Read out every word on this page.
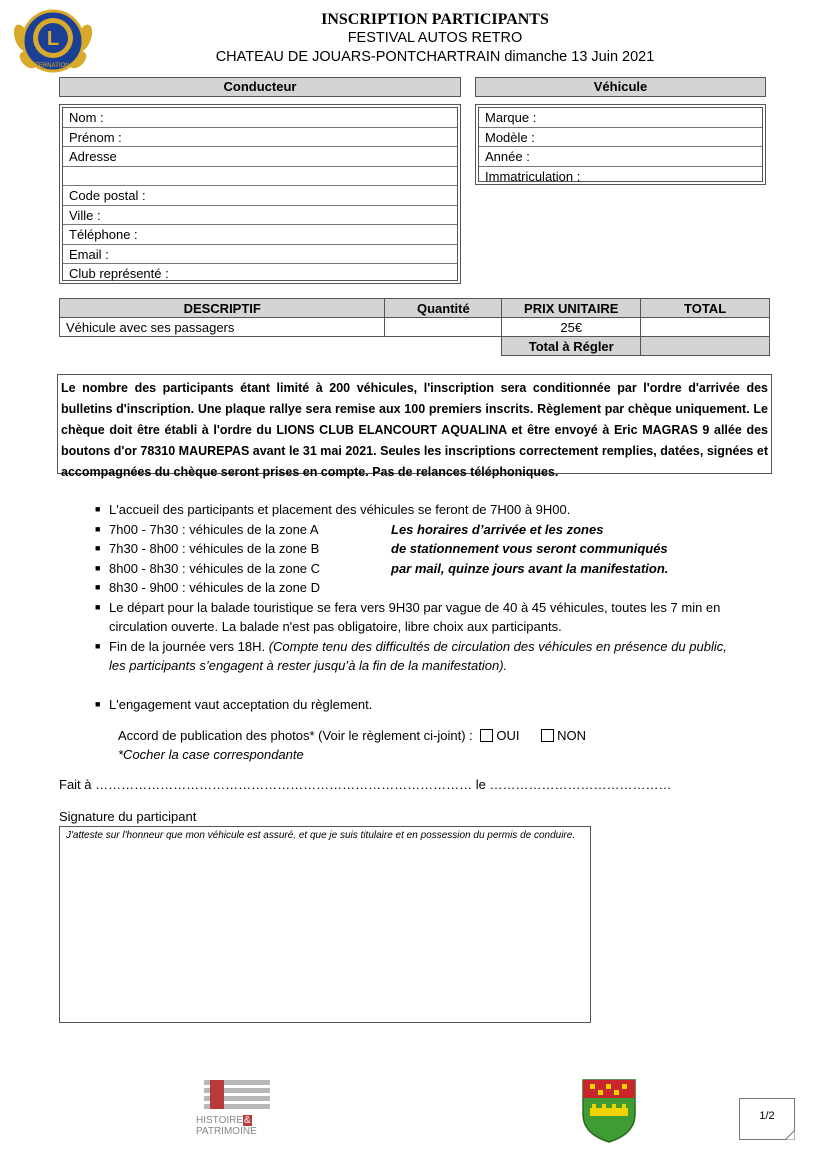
L
INTERNATIONAL
INSCRIPTION PARTICIPANTS
FESTIVAL AUTOS RETRO
CHATEAU DE JOUARS-PONTCHARTRAIN dimanche 13 Juin 2021
Conducteur
Nom :
Prénom :
Adresse
Code postal :
Ville :
Téléphone :
Email :
Club représenté :
Véhicule
Marque :
Modèle :
Année :
Immatriculation :
DESCRIPTIF	Quantité	PRIX UNITAIRE	TOTAL
Véhicule avec ses passagers		25€	
		Total à Régler	
Le nombre des participants étant limité à 200 véhicules, l'inscription sera conditionnée par l'ordre d'arrivée des bulletins d'inscription. Une plaque rallye sera remise aux 100 premiers inscrits. Règlement par chèque uniquement. Le chèque doit être établi à l'ordre du LIONS CLUB ELANCOURT AQUALINA et être envoyé à Eric MAGRAS 9 allée des boutons d'or 78310 MAUREPAS avant le 31 mai 2021. Seules les inscriptions correctement remplies, datées, signées et accompagnées du chèque seront prises en compte. Pas de relances téléphoniques.
■ L'accueil des participants et placement des véhicules se feront de 7H00 à 9H00.
■ 7h00 - 7h30 : véhicules de la zone A	Les horaires d’arrivée et les zones
■ 7h30 - 8h00 : véhicules de la zone B	de stationnement vous seront communiqués
■ 8h00 - 8h30 : véhicules de la zone C	par mail, quinze jours avant la manifestation.
■ 8h30 - 9h00 : véhicules de la zone D
■ Le départ pour la balade touristique se fera vers 9H30 par vague de 40 à 45 véhicules, toutes les 7 min en
circulation ouverte. La balade n'est pas obligatoire, libre choix aux participants.
■ Fin de la journée vers 18H. (Compte tenu des difficultés de circulation des véhicules en présence du public,
les participants s’engagent à rester jusqu’à la fin de la manifestation).
■ L'engagement vaut acceptation du règlement.
Accord de publication des photos* (Voir le règlement ci-joint) : OUI	NON
*Cocher la case correspondante
Fait à …………………………………………………………………………… le ……………………………………
Signature du participant
J'atteste sur l'honneur que mon véhicule est assuré, et que je suis titulaire et en possession du permis de conduire.
HISTOIRE&
PATRIMOINE
1/2
